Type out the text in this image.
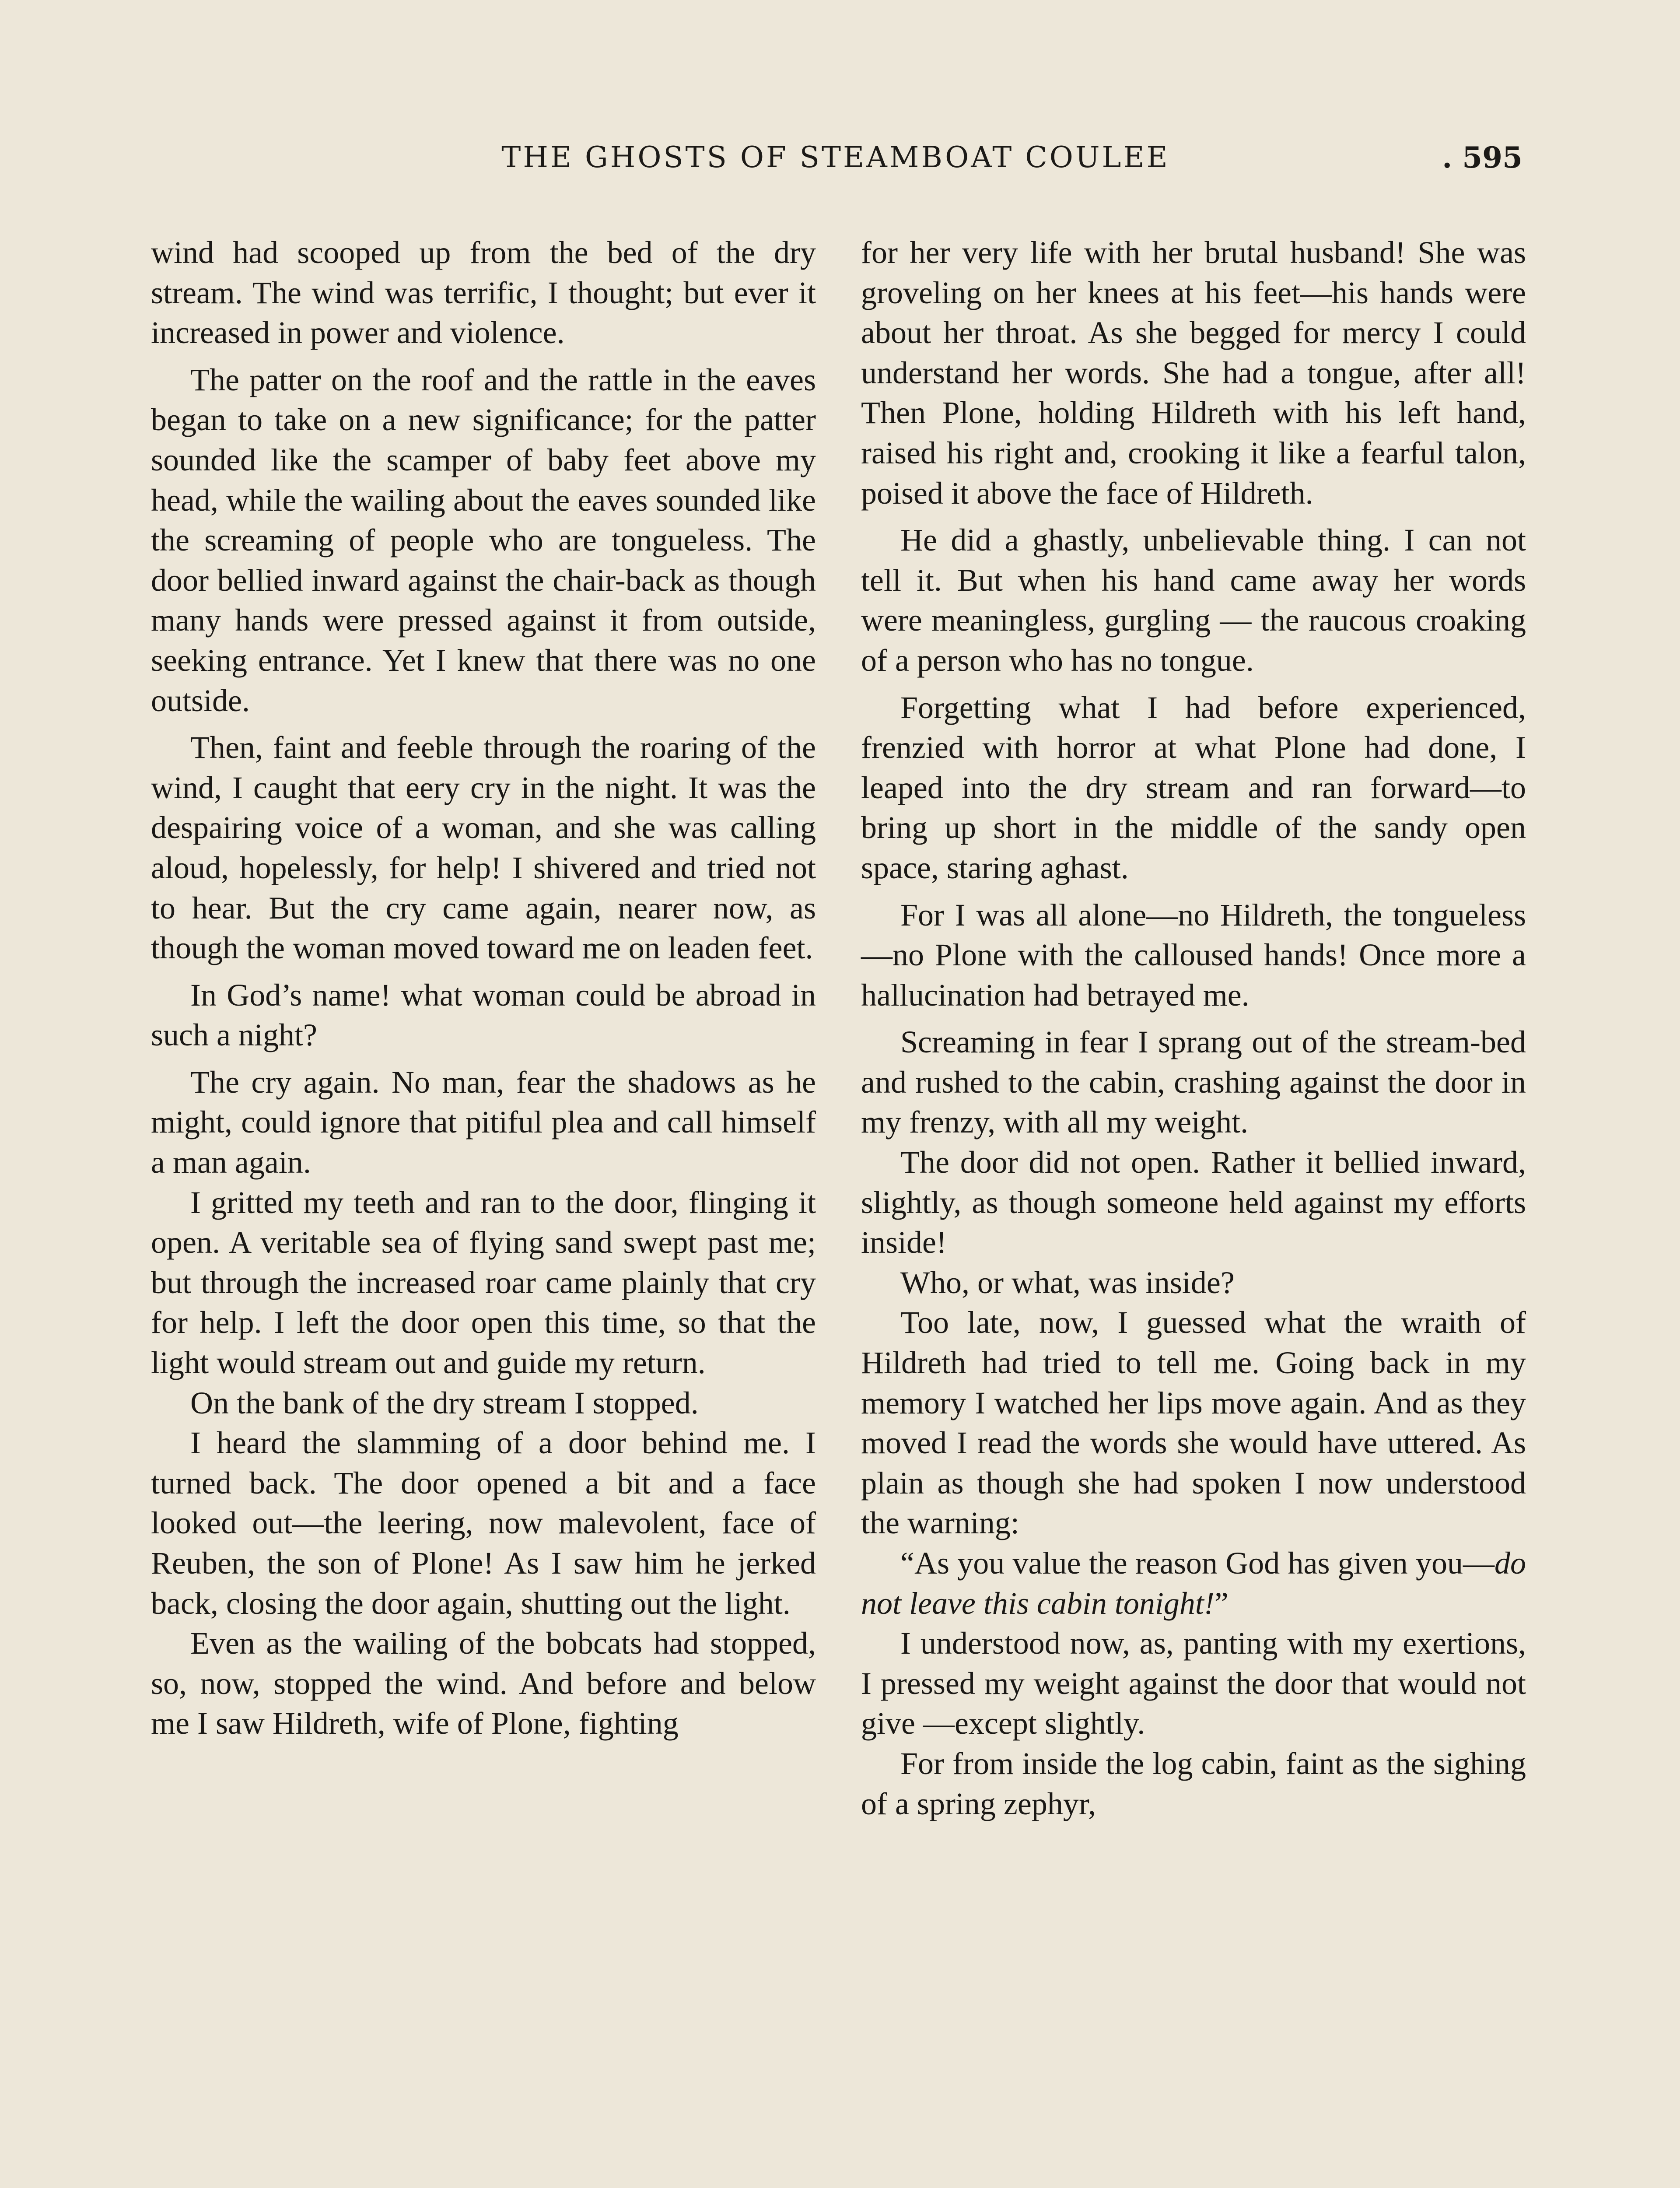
THE GHOSTS OF STEAMBOAT COULEE	. 595

wind had scooped up from the bed of the dry stream. The wind was terrific, I thought; but ever it increased in power and violence.

The patter on the roof and the rattle in the eaves began to take on a new significance; for the patter sounded like the scamper of baby feet above my head, while the wailing about the eaves sounded like the screaming of people who are tongueless. The door bellied inward against the chair-back as though many hands were pressed against it from outside, seeking entrance. Yet I knew that there was no one outside.

Then, faint and feeble through the roaring of the wind, I caught that eery cry in the night. It was the despairing voice of a woman, and she was calling aloud, hopelessly, for help! I shivered and tried not to hear. But the cry came again, nearer now, as though the woman moved toward me on leaden feet.

In God’s name! what woman could be abroad in such a night?

The cry again. No man, fear the shadows as he might, could ignore that pitiful plea and call himself a man again.

I gritted my teeth and ran to the door, flinging it open. A veritable sea of flying sand swept past me; but through the increased roar came plainly that cry for help. I left the door open this time, so that the light would stream out and guide my return.

On the bank of the dry stream I stopped.

I heard the slamming of a door behind me. I turned back. The door opened a bit and a face looked out—the leering, now malevolent, face of Reuben, the son of Plone! As I saw him he jerked back, closing the door again, shutting out the light.

Even as the wailing of the bobcats had stopped, so, now, stopped the wind. And before and below me I saw Hildreth, wife of Plone, fighting

for her very life with her brutal husband! She was groveling on her knees at his feet—his hands were about her throat. As she begged for mercy I could understand her words. She had a tongue, after all! Then Plone, holding Hildreth with his left hand, raised his right and, crooking it like a fearful talon, poised it above the face of Hildreth.

He did a ghastly, unbelievable thing. I can not tell it. But when his hand came away her words were meaningless, gurgling — the raucous croaking of a person who has no tongue.

Forgetting what I had before experienced, frenzied with horror at what Plone had done, I leaped into the dry stream and ran forward—to bring up short in the middle of the sandy open space, staring aghast.

For I was all alone—no Hildreth, the tongueless—no Plone with the calloused hands! Once more a hallucination had betrayed me.

Screaming in fear I sprang out of the stream-bed and rushed to the cabin, crashing against the door in my frenzy, with all my weight.

The door did not open. Rather it bellied inward, slightly, as though someone held against my efforts inside!

Who, or what, was inside?

Too late, now, I guessed what the wraith of Hildreth had tried to tell me. Going back in my memory I watched her lips move again. And as they moved I read the words she would have uttered. As plain as though she had spoken I now understood the warning:

“As you value the reason God has given you—do not leave this cabin tonight!”

I understood now, as, panting with my exertions, I pressed my weight against the door that would not give —except slightly.

For from inside the log cabin, faint as the sighing of a spring zephyr,
